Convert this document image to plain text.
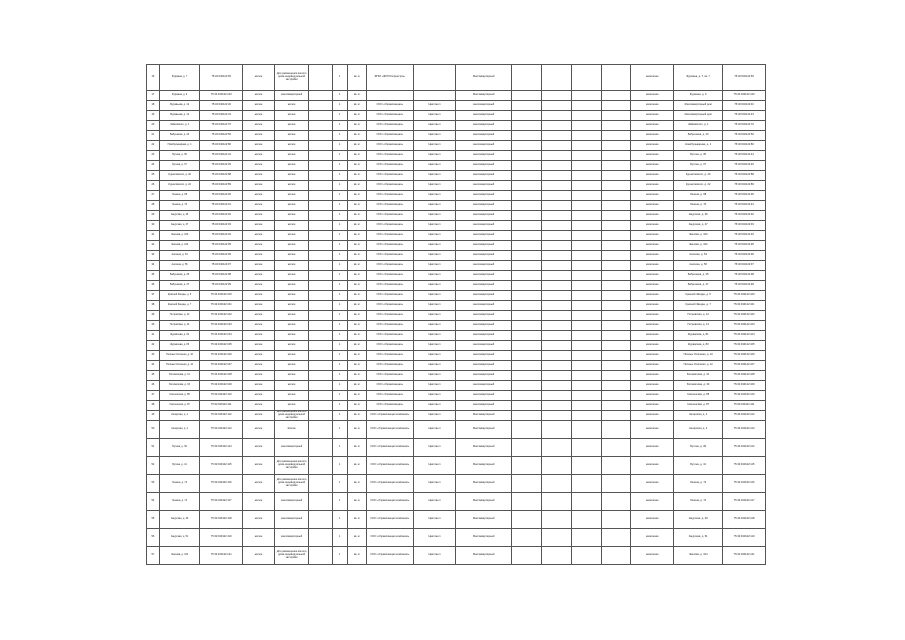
16	Фурмана, д. 7	75:32:040122:65	жилое	Для размещения жилого дома индивидуальной застройки		1	кв. м	ФГБУ «ФКП Росреестра»		Многоквартирный					население	Фурмана, д. 7, кв. 7	75:32:040122:65
17	Фурмана, д. 9	75:32:040122:120	жилое	многоквартирный		1	кв. м			Многоквартирный					население	Фурмана, д. 9	75:32:040122:120
18	Муравьева, д. 12	75:32:040122:40	жилое	жилое		1	кв. м	ООО «Управляющая»	Цветлан 1	многоквартирный					население	Многоквартирный дом	75:32:040122:40
19	Муравьева, д. 14	75:32:040122:43	жилое	жилое		1	кв. м	ООО «Управляющая»	Цветлан 1	многоквартирный					население	Многоквартирный дом	75:32:040122:43
20	Чайковского, д. 1	75:32:040122:70	жилое	жилое		1	кв. м	ООО «Управляющая»	Цветлан 1	многоквартирный					население	Чайковского, д. 1	75:32:040122:70
21	Бабушкина, д. 23	75:32:040122:50	жилое	жилое		1	кв. м	ООО «Управляющая»	Цветлан 1	многоквартирный					население	Бабушкина, д. 23	75:32:040122:50
22	Новобульварная, д. 1	75:32:040122:80	жилое	жилое		1	кв. м	ООО «Управляющая»	Цветлан 1	многоквартирный					население	Новобульварная, д. 1	75:32:040122:80
23	Бутина, д. 35	75:32:040122:44	жилое	жилое		1	кв. м	ООО «Управляющая»	Цветлан 1	многоквартирный					население	Бутина, д. 35	75:32:040122:44
24	Бутина, д. 37	75:32:040122:45	жилое	жилое		1	кв. м	ООО «Управляющая»	Цветлан 1	многоквартирный					население	Бутина, д. 37	75:32:040122:45
25	Курнатовского, д. 20	75:32:040122:88	жилое	жилое		1	кв. м	ООО «Управляющая»	Цветлан 1	многоквартирный					население	Курнатовского, д. 20	75:32:040122:88
26	Курнатовского, д. 22	75:32:040122:89	жилое	жилое		1	кв. м	ООО «Управляющая»	Цветлан 1	многоквартирный					население	Курнатовского, д. 22	75:32:040122:89
27	Ленина, д. 68	75:32:040122:90	жилое	жилое		1	кв. м	ООО «Управляющая»	Цветлан 1	многоквартирный					население	Ленина, д. 68	75:32:040122:90
28	Ленина, д. 70	75:32:040122:91	жилое	жилое		1	кв. м	ООО «Управляющая»	Цветлан 1	многоквартирный					население	Ленина, д. 70	75:32:040122:91
29	Амурская, д. 45	75:32:040122:92	жилое	жилое		1	кв. м	ООО «Управляющая»	Цветлан 1	многоквартирный					население	Амурская, д. 45	75:32:040122:92
30	Амурская, д. 47	75:32:040122:93	жилое	жилое		1	кв. м	ООО «Управляющая»	Цветлан 1	многоквартирный					население	Амурская, д. 47	75:32:040122:93
31	Чкалова, д. 100	75:32:040122:94	жилое	жилое		1	кв. м	ООО «Управляющая»	Цветлан 1	многоквартирный					население	Чкалова, д. 100	75:32:040122:94
32	Чкалова, д. 102	75:32:040122:95	жилое	жилое		1	кв. м	ООО «Управляющая»	Цветлан 1	многоквартирный					население	Чкалова, д. 102	75:32:040122:95
33	Анохина, д. 54	75:32:040122:96	жилое	жилое		1	кв. м	ООО «Управляющая»	Цветлан 1	многоквартирный					население	Анохина, д. 54	75:32:040122:96
34	Анохина, д. 56	75:32:040122:97	жилое	жилое		1	кв. м	ООО «Управляющая»	Цветлан 1	многоквартирный					население	Анохина, д. 56	75:32:040122:97
35	Бабушкина, д. 25	75:32:040122:98	жилое	жилое		1	кв. м	ООО «Управляющая»	Цветлан 1	многоквартирный					население	Бабушкина, д. 25	75:32:040122:98
36	Бабушкина, д. 27	75:32:040122:99	жилое	жилое		1	кв. м	ООО «Управляющая»	Цветлан 1	многоквартирный					население	Бабушкина, д. 27	75:32:040122:99
37	Красной Звезды, д. 5	75:32:040122:100	жилое	жилое		1	кв. м	ООО «Управляющая»	Цветлан 1	многоквартирный					население	Красной Звезды, д. 5	75:32:040122:100
38	Красной Звезды, д. 7	75:32:040122:101	жилое	жилое		1	кв. м	ООО «Управляющая»	Цветлан 1	многоквартирный					население	Красной Звезды, д. 7	75:32:040122:101
39	Петровская, д. 12	75:32:040122:102	жилое	жилое		1	кв. м	ООО «Управляющая»	Цветлан 1	многоквартирный					население	Петровская, д. 12	75:32:040122:102
40	Петровская, д. 14	75:32:040122:103	жилое	жилое		1	кв. м	ООО «Управляющая»	Цветлан 1	многоквартирный					население	Петровская, д. 14	75:32:040122:103
41	Журавлева, д. 81	75:32:040122:104	жилое	жилое		1	кв. м	ООО «Управляющая»	Цветлан 1	многоквартирный					население	Журавлева, д. 81	75:32:040122:104
42	Журавлева, д. 83	75:32:040122:105	жилое	жилое		1	кв. м	ООО «Управляющая»	Цветлан 1	многоквартирный					население	Журавлева, д. 83	75:32:040122:105
43	Полины Осипенко, д. 10	75:32:040122:106	жилое	жилое		1	кв. м	ООО «Управляющая»	Цветлан 1	многоквартирный					население	Полины Осипенко, д. 10	75:32:040122:106
44	Полины Осипенко, д. 12	75:32:040122:107	жилое	жилое		1	кв. м	ООО «Управляющая»	Цветлан 1	многоквартирный					население	Полины Осипенко, д. 12	75:32:040122:107
45	Богомягкова, д. 31	75:32:040122:108	жилое	жилое		1	кв. м	ООО «Управляющая»	Цветлан 1	многоквартирный					население	Богомягкова, д. 31	75:32:040122:108
46	Богомягкова, д. 33	75:32:040122:109	жилое	жилое		1	кв. м	ООО «Управляющая»	Цветлан 1	многоквартирный					население	Богомягкова, д. 33	75:32:040122:109
47	Смоленская, д. 85	75:32:040122:110	жилое	жилое		1	кв. м	ООО «Управляющая»	Цветлан 1	многоквартирный					население	Смоленская, д. 85	75:32:040122:110
48	Смоленская, д. 87	75:32:040122:111	жилое	жилое		1	кв. м	ООО «Управляющая»	Цветлан 1	многоквартирный					население	Смоленская, д. 87	75:32:040122:111
49	Ангарская, д. 2	75:32:040122:112	жилое	Для размещения жилого дома индивидуальной застройки		1	кв. м	ООО «Управляющая компания»	Цветлан 1	Многоквартирный					население	Ангарская, д. 2	75:32:040122:112
50	Ангарская, д. 4	75:32:040122:113	жилое	Жилое		1	кв. м	ООО «Управляющая компания»	Цветлан 1	Многоквартирный					население	Ангарская, д. 4	75:32:040122:113
51	Бутина, д. 39	75:32:040122:114	жилое	многоквартирный		1	кв. м	ООО «Управляющая компания»	Цветлан 1	Многоквартирный					население	Бутина, д. 39	75:32:040122:114
52	Бутина, д. 41	75:32:040122:115	жилое	Для размещения жилого дома индивидуальной застройки		1	кв. м	ООО «Управляющая компания»	Цветлан 1	Многоквартирный					население	Бутина, д. 41	75:32:040122:115
53	Ленина, д. 72	75:32:040122:116	жилое	Для размещения жилого дома индивидуальной застройки		1	кв. м	ООО «Управляющая компания»	Цветлан 1	Многоквартирный					население	Ленина, д. 72	75:32:040122:116
54	Ленина, д. 74	75:32:040122:117	жилое	многоквартирный		1	кв. м	ООО «Управляющая компания»	Цветлан 1	Многоквартирный					население	Ленина, д. 74	75:32:040122:117
55	Амурская, д. 49	75:32:040122:118	жилое	многоквартирный		1	кв. м	ООО «Управляющая компания»	Цветлан 1	Многоквартирный					население	Амурская, д. 49	75:32:040122:118
56	Амурская, д. 51	75:32:040122:119	жилое	многоквартирный		1	кв. м	ООО «Управляющая компания»	Цветлан 1	Многоквартирный					население	Амурская, д. 51	75:32:040122:119
57	Чкалова, д. 104	75:32:040122:121	жилое	Для размещения жилого дома индивидуальной застройки		1	кв. м	ООО «Управляющая компания»	Цветлан 1	Многоквартирный					население	Чкалова, д. 104	75:32:040122:121
